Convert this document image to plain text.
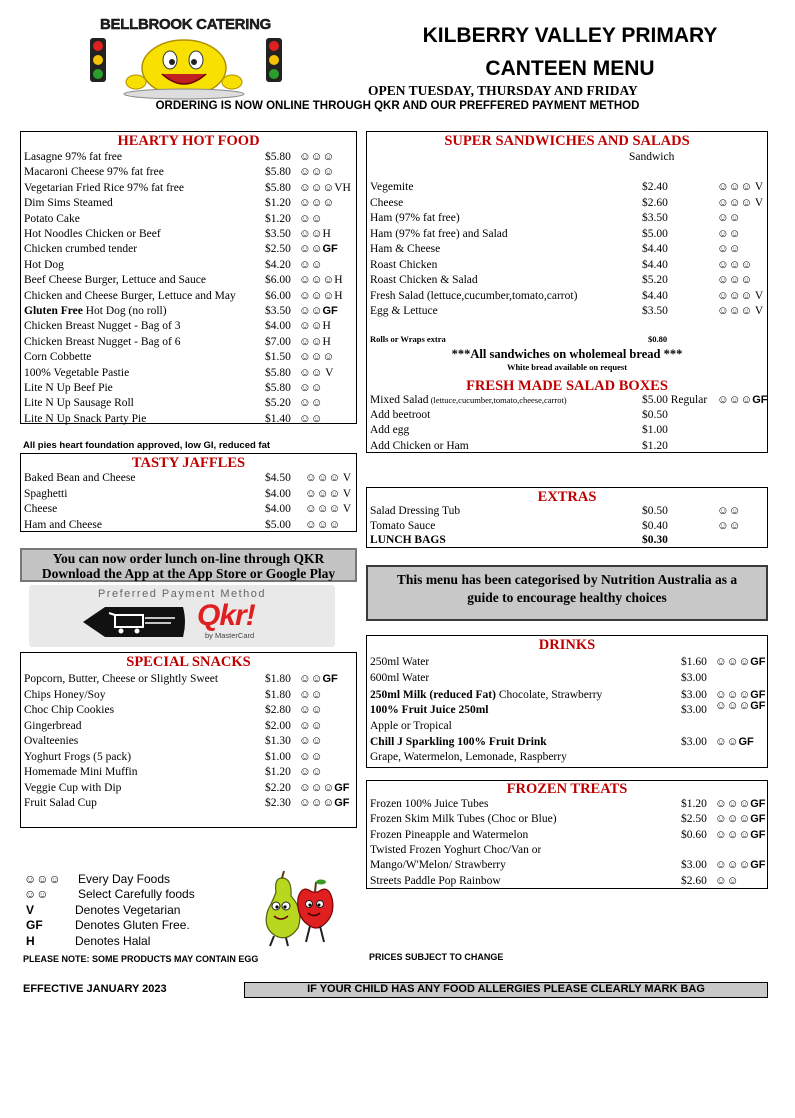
BELLBROOK CATERING	KILBERRY VALLEY PRIMARY
CANTEEN MENU
OPEN TUESDAY, THURSDAY AND FRIDAY
ORDERING IS NOW ONLINE THROUGH QKR AND OUR PREFFERED PAYMENT METHOD
HEARTY HOT FOOD
Lasagne 97% fat free	$5.80 ☺☺☺
Macaroni Cheese 97% fat free	$5.80 ☺☺☺
Vegetarian Fried Rice 97% fat free	$5.80 ☺☺☺VH
Dim Sims Steamed	$1.20 ☺☺☺
Potato Cake	$1.20 ☺☺
Hot Noodles Chicken or Beef	$3.50 ☺☺H
Chicken crumbed tender	$2.50 ☺☺GF
Hot Dog	$4.20 ☺☺
Beef Cheese Burger, Lettuce and Sauce	$6.00 ☺☺☺H
Chicken and Cheese Burger, Lettuce and May	$6.00 ☺☺☺H
Gluten Free Hot Dog (no roll)	$3.50 ☺☺GF
Chicken Breast Nugget - Bag of 3	$4.00 ☺☺H
Chicken Breast Nugget - Bag of 6	$7.00 ☺☺H
Corn Cobbette	$1.50 ☺☺☺
100% Vegetable Pastie	$5.80 ☺☺ V
Lite N Up Beef Pie	$5.80 ☺☺
Lite N Up Sausage Roll	$5.20 ☺☺
Lite N Up Snack Party Pie	$1.40 ☺☺
All pies heart foundation approved, low GI, reduced fat
TASTY JAFFLES
Baked Bean and Cheese	$4.50 ☺☺☺ V
Spaghetti	$4.00 ☺☺☺ V
Cheese	$4.00 ☺☺☺ V
Ham and Cheese	$5.00 ☺☺☺
You can now order lunch on-line through QKR
Download the App at the App Store or Google Play
Preferred Payment Method
Qkr!
by MasterCard
SPECIAL SNACKS
Popcorn, Butter, Cheese or Slightly Sweet	$1.80 ☺☺GF
Chips Honey/Soy	$1.80 ☺☺
Choc Chip Cookies	$2.80 ☺☺
Gingerbread	$2.00 ☺☺
Ovalteenies	$1.30 ☺☺
Yoghurt Frogs (5 pack)	$1.00 ☺☺
Homemade Mini Muffin	$1.20 ☺☺
Veggie Cup with Dip	$2.20 ☺☺☺GF
Fruit Salad Cup	$2.30 ☺☺☺GF
☺☺☺ Every Day Foods
☺☺ Select Carefully foods
V	Denotes Vegetarian
GF	Denotes Gluten Free.
H	Denotes Halal
PLEASE NOTE: SOME PRODUCTS MAY CONTAIN EGG
SUPER SANDWICHES AND SALADS
Sandwich
Vegemite	$2.40	☺☺☺ V
Cheese	$2.60	☺☺☺ V
Ham (97% fat free)	$3.50	☺☺
Ham (97% fat free) and Salad	$5.00	☺☺
Ham & Cheese	$4.40	☺☺
Roast Chicken	$4.40	☺☺☺
Roast Chicken & Salad	$5.20	☺☺☺
Fresh Salad (lettuce,cucumber,tomato,carrot)	$4.40	☺☺☺ V
Egg & Lettuce	$3.50	☺☺☺ V
Rolls or Wraps extra	$0.80
***All sandwiches on wholemeal bread ***
White bread available on request
FRESH MADE SALAD BOXES
Mixed Salad (lettuce,cucumber,tomato,cheese,carrot)	$5.00 Regular ☺☺☺GF
Add beetroot	$0.50
Add egg	$1.00
Add Chicken or Ham	$1.20
EXTRAS
Salad Dressing Tub	$0.50	☺☺
Tomato Sauce	$0.40	☺☺
LUNCH BAGS	$0.30
This menu has been categorised by Nutrition Australia as a
guide to encourage healthy choices
DRINKS
250ml Water	$1.60 ☺☺☺GF
600ml Water	$3.00
250ml Milk (reduced Fat) Chocolate, Strawberry	$3.00 ☺☺☺GF
100% Fruit Juice 250ml	$3.00 ☺☺☺GF
Apple or Tropical
Chill J Sparkling 100% Fruit Drink	$3.00 ☺☺GF
Grape, Watermelon, Lemonade, Raspberry
FROZEN TREATS
Frozen 100% Juice Tubes	$1.20 ☺☺☺GF
Frozen Skim Milk Tubes (Choc or Blue)	$2.50 ☺☺☺GF
Frozen Pineapple and Watermelon	$0.60 ☺☺☺GF
Twisted Frozen Yoghurt Choc/Van or
Mango/W'Melon/ Strawberry	$3.00 ☺☺☺GF
Streets Paddle Pop Rainbow	$2.60 ☺☺
PRICES SUBJECT TO CHANGE
EFFECTIVE JANUARY 2023	IF YOUR CHILD HAS ANY FOOD ALLERGIES PLEASE CLEARLY MARK BAG
